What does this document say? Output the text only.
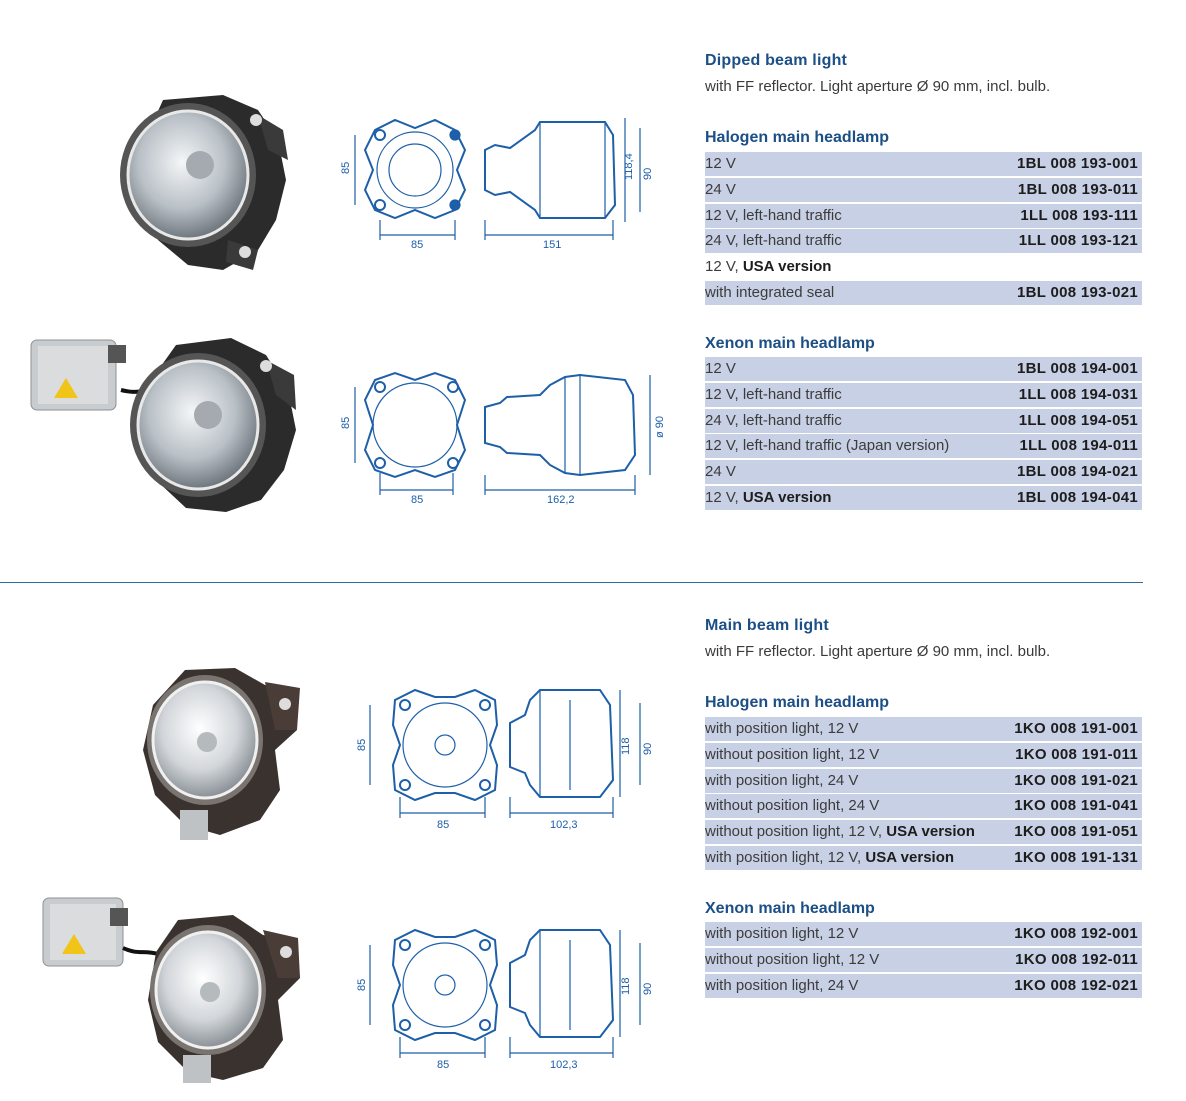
Dipped beam light
with FF reflector. Light aperture Ø 90 mm, incl. bulb.
Halogen main headlamp
12 V	1BL 008 193-001
24 V	1BL 008 193-011
12 V, left-hand traffic	1LL 008 193-111
24 V, left-hand traffic	1LL 008 193-121
12 V, USA version
with integrated seal	1BL 008 193-021
Xenon main headlamp
12 V	1BL 008 194-001
12 V, left-hand traffic	1LL 008 194-031
24 V, left-hand traffic	1LL 008 194-051
12 V, left-hand traffic (Japan version)	1LL 008 194-011
24 V	1BL 008 194-021
12 V, USA version	1BL 008 194-041
Main beam light
with FF reflector. Light aperture Ø 90 mm, incl. bulb.
Halogen main headlamp
with position light, 12 V	1KO 008 191-001
without position light, 12 V	1KO 008 191-011
with position light, 24 V	1KO 008 191-021
without position light, 24 V	1KO 008 191-041
without position light, 12 V, USA version	1KO 008 191-051
with position light, 12 V, USA version	1KO 008 191-131
Xenon main headlamp
with position light, 12 V	1KO 008 192-001
without position light, 12 V	1KO 008 192-011
with position light, 24 V	1KO 008 192-021
85
85	151
118,4 90
85
85	162,2
ø 90
85
85	102,3
118 90
85
85	102,3
118 90
